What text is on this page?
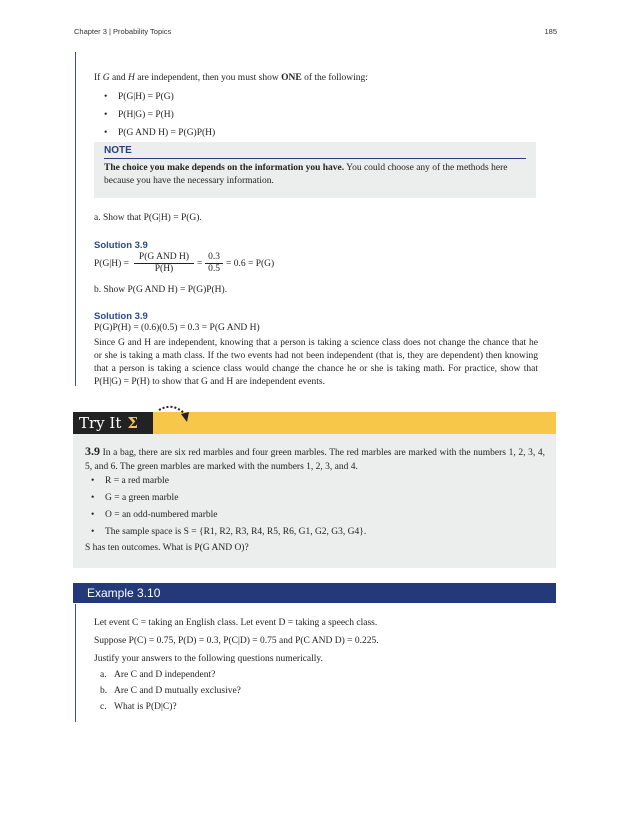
Chapter 3 | Probability Topics	185
If G and H are independent, then you must show ONE of the following:
• P(G|H) = P(G)
• P(H|G) = P(H)
• P(G AND H) = P(G)P(H)
NOTE
The choice you make depends on the information you have. You could choose any of the methods here because you have the necessary information.
a. Show that P(G|H) = P(G).
Solution 3.9
P(G|H) =
P(G AND H)
P(H)	= $\frac{0.3}{0.5} = 0.6 = P(G)$
b. Show P(G AND H) = P(G)P(H).
Solution 3.9
P(G)P(H) = (0.6)(0.5) = 0.3 = P(G AND H)
Since G and H are independent, knowing that a person is taking a science class does not change the chance that he or she is taking a math class. If the two events had not been independent (that is, they are dependent) then knowing that a person is taking a science class would change the chance he or she is taking math. For practice, show that P(H|G) = P(H) to show that G and H are independent events.
Try It Σ
3.9 In a bag, there are six red marbles and four green marbles. The red marbles are marked with the numbers 1, 2, 3, 4, 5, and 6. The green marbles are marked with the numbers 1, 2, 3, and 4.
• R = a red marble
• G = a green marble
• O = an odd-numbered marble
• The sample space is S = {R1, R2, R3, R4, R5, R6, G1, G2, G3, G4}.
S has ten outcomes. What is P(G AND O)?
Example 3.10
Let event C = taking an English class. Let event D = taking a speech class.
Suppose P(C) = 0.75, P(D) = 0.3, P(C|D) = 0.75 and P(C AND D) = 0.225.
Justify your answers to the following questions numerically.
a. Are C and D independent?
b. Are C and D mutually exclusive?
c. What is P(D|C)?
